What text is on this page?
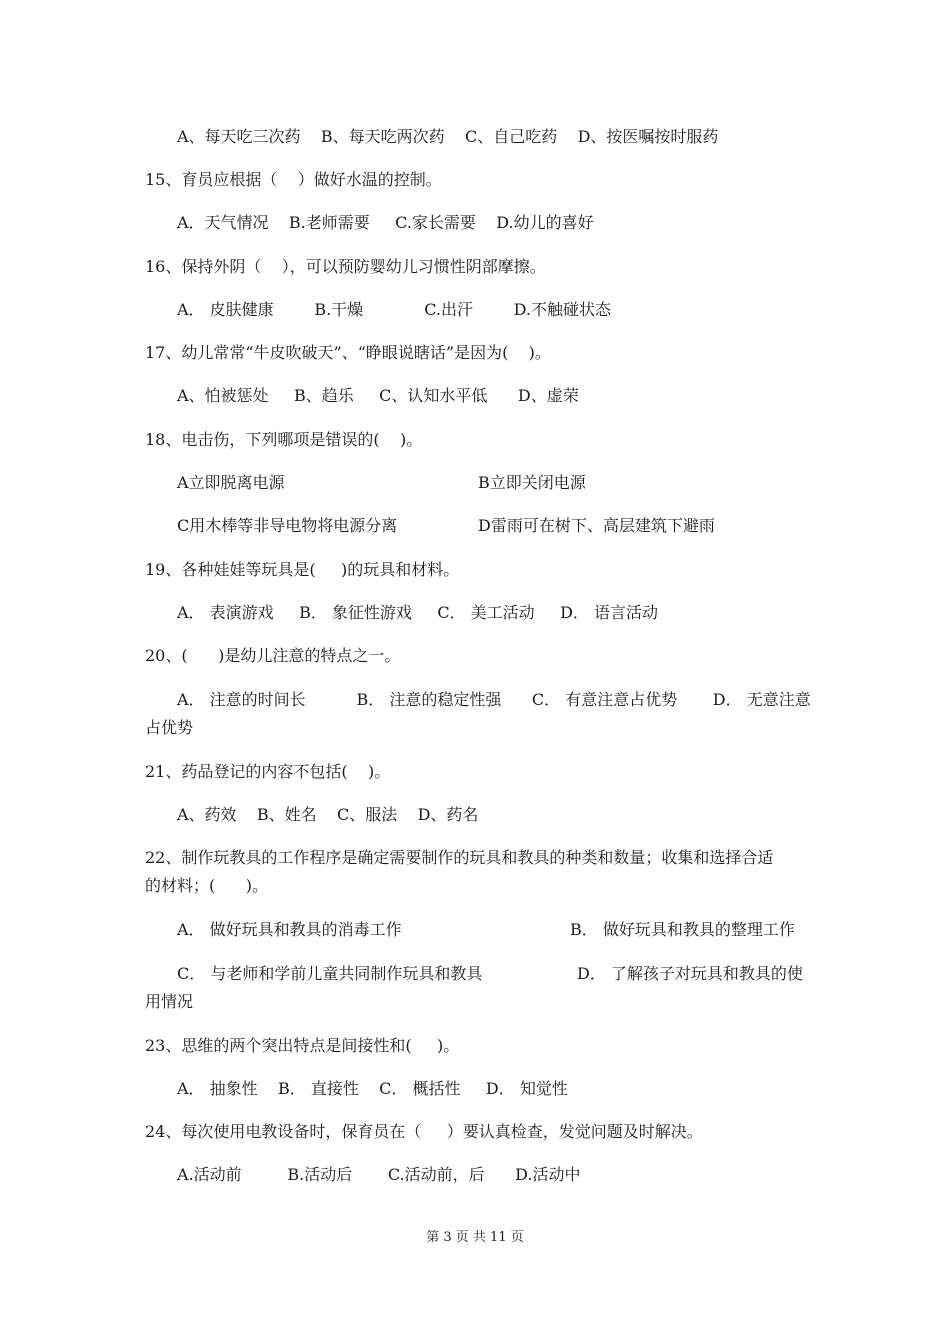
A、每天吃三次药    B、每天吃两次药    C、自己吃药    D、按医嘱按时服药
15、育员应根据（    ）做好水温的控制。
A．天气情况    B.老师需要     C.家长需要    D.幼儿的喜好
16、保持外阴（    ），可以预防婴幼儿习惯性阴部摩擦。
A． 皮肤健康        B.干燥            C.出汗        D.不触碰状态
17、幼儿常常“牛皮吹破天”、“睁眼说瞎话”是因为(    )。
A、怕被惩处     B、趋乐     C、认知水平低      D、虚荣
18、电击伤，下列哪项是错误的(    )。
A立即脱离电源	B立即关闭电源
C用木棒等非导电物将电源分离	D雷雨可在树下、高层建筑下避雨
19、各种娃娃等玩具是(     )的玩具和材料。
A． 表演游戏     B． 象征性游戏     C． 美工活动     D． 语言活动
20、(      )是幼儿注意的特点之一。
A． 注意的时间长          B． 注意的稳定性强      C． 有意注意占优势       D． 无意注意
占优势
21、药品登记的内容不包括(    )。
A、药效    B、姓名    C、服法    D、药名
22、制作玩教具的工作程序是确定需要制作的玩具和教具的种类和数量；收集和选择合适
的材料；(      )。
A． 做好玩具和教具的消毒工作	B． 做好玩具和教具的整理工作
C． 与老师和学前儿童共同制作玩具和教具	D． 了解孩子对玩具和教具的使
用情况
23、思维的两个突出特点是间接性和(     )。
A． 抽象性    B． 直接性    C． 概括性     D． 知觉性
24、每次使用电教设备时，保育员在（     ）要认真检查，发觉问题及时解决。
A.活动前         B.活动后       C.活动前，后      D.活动中
第 3 页 共 11 页
